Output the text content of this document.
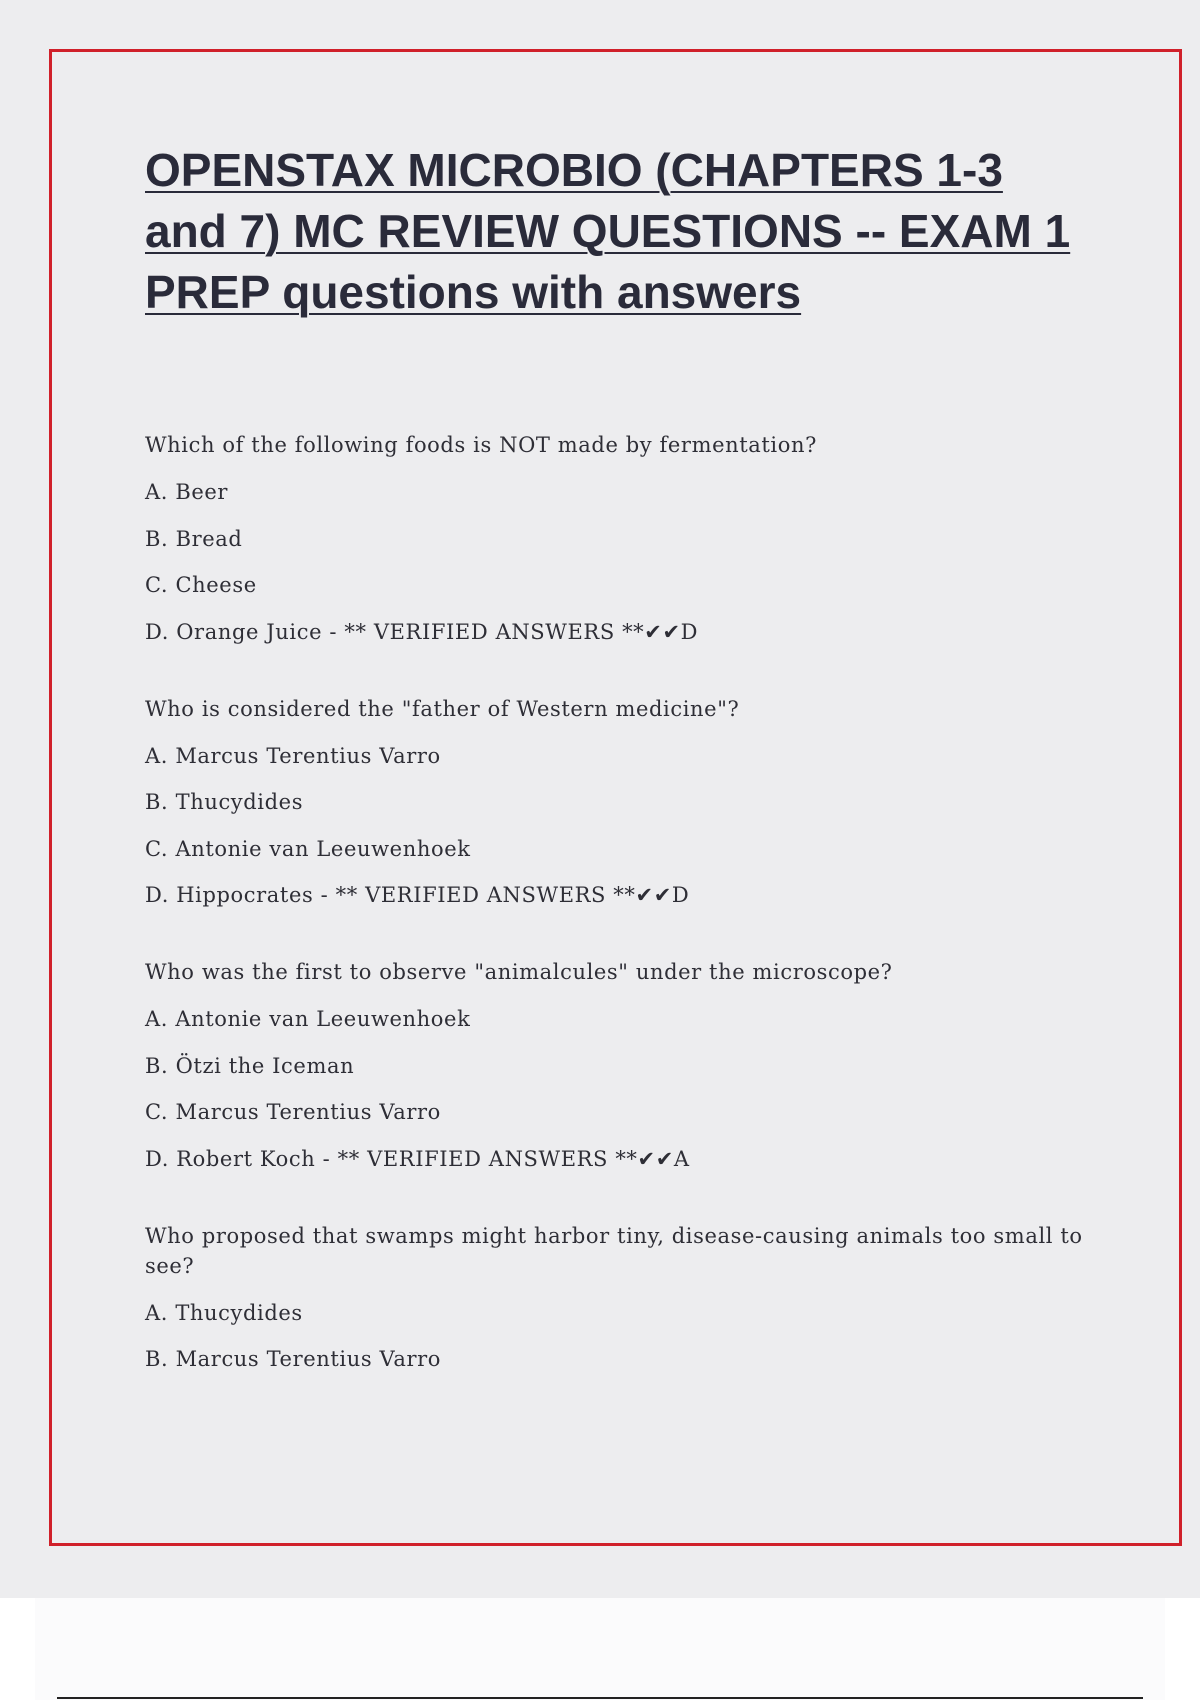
OPENSTAX MICROBIO (CHAPTERS 1-3 and 7) MC REVIEW QUESTIONS -- EXAM 1 PREP questions with answers
Which of the following foods is NOT made by fermentation?
A. Beer
B. Bread
C. Cheese
D. Orange Juice - ** VERIFIED ANSWERS **✔✔D
Who is considered the "father of Western medicine"?
A. Marcus Terentius Varro
B. Thucydides
C. Antonie van Leeuwenhoek
D. Hippocrates - ** VERIFIED ANSWERS **✔✔D
Who was the first to observe "animalcules" under the microscope?
A. Antonie van Leeuwenhoek
B. Ötzi the Iceman
C. Marcus Terentius Varro
D. Robert Koch - ** VERIFIED ANSWERS **✔✔A
Who proposed that swamps might harbor tiny, disease-causing animals too small to see?
A. Thucydides
B. Marcus Terentius Varro
